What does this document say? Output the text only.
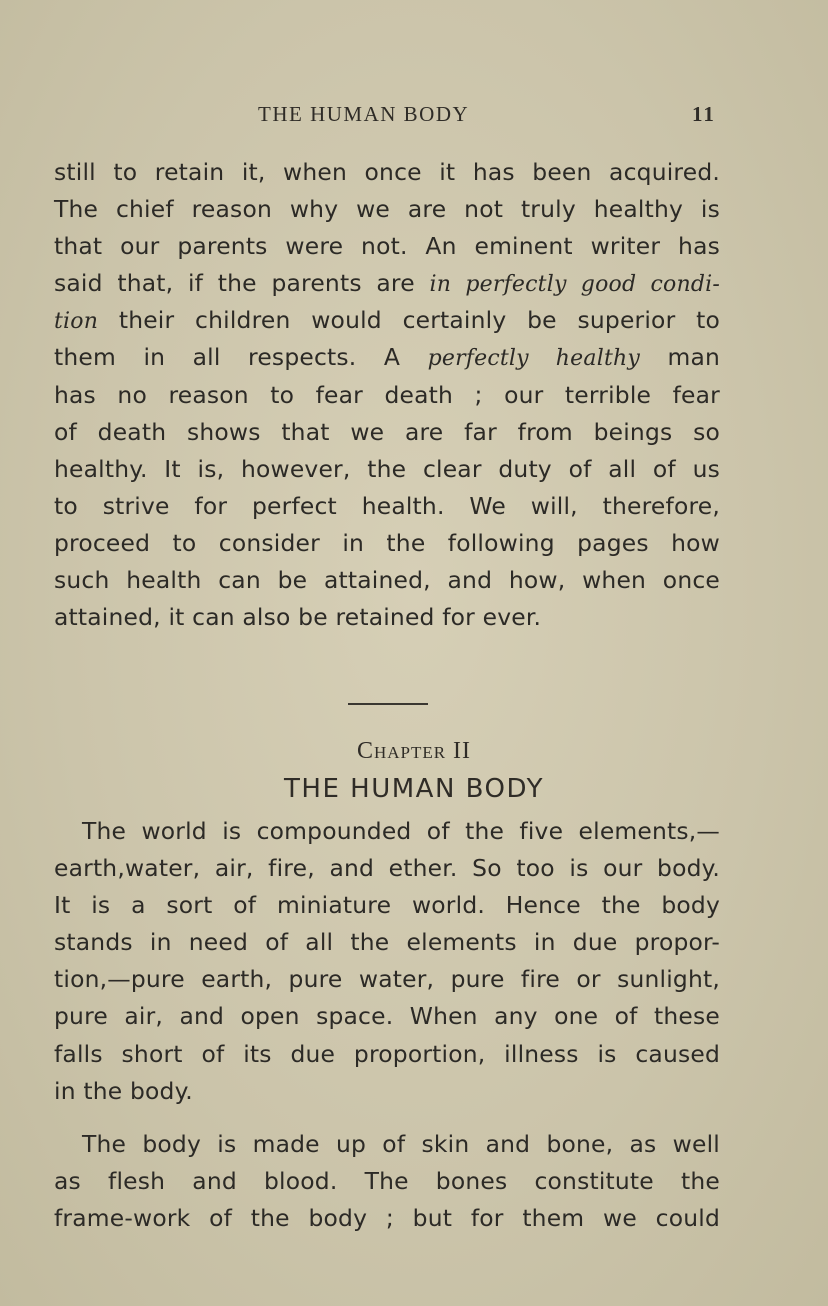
THE HUMAN BODY	11
still to retain it, when once it has been acquired.
The chief reason why we are not truly healthy is
that our parents were not. An eminent writer has
said that, if the parents are in perfectly good condi-
tion their children would certainly be superior to
them in all respects. A perfectly healthy man
has no reason to fear death ; our terrible fear
of death shows that we are far from beings so
healthy. It is, however, the clear duty of all of us
to strive for perfect health. We will, therefore,
proceed to consider in the following pages how
such health can be attained, and how, when once
attained, it can also be retained for ever.
Chapter II
THE HUMAN BODY
The world is compounded of the five elements,—
earth,water, air, fire, and ether. So too is our body.
It is a sort of miniature world. Hence the body
stands in need of all the elements in due propor-
tion,—pure earth, pure water, pure fire or sunlight,
pure air, and open space. When any one of these
falls short of its due proportion, illness is caused
in the body.
The body is made up of skin and bone, as well
as flesh and blood. The bones constitute the
frame-work of the body ; but for them we could
